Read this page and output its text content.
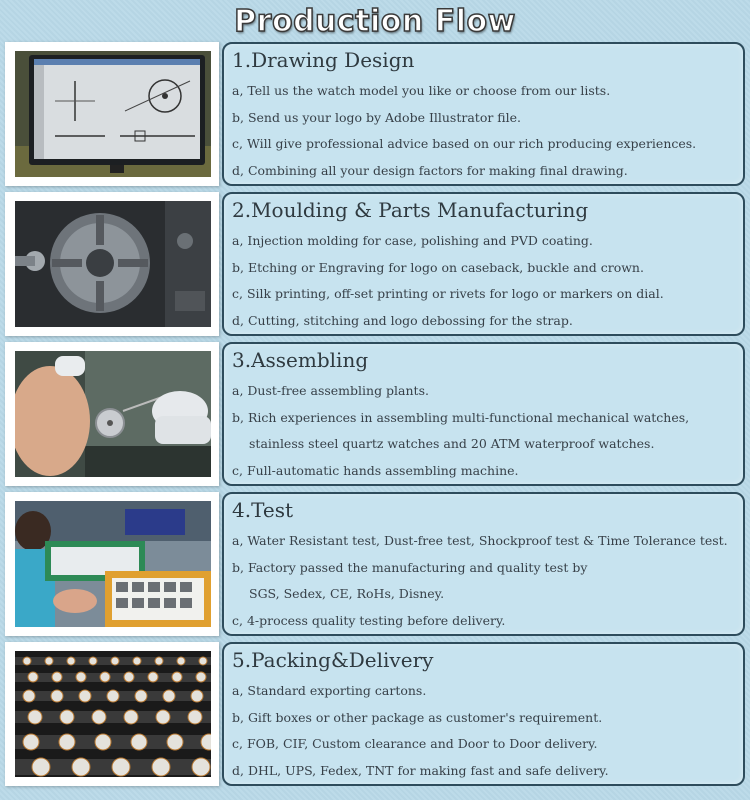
Production Flow
1.Drawing Design
a, Tell us the watch model you like or choose from our lists.
b, Send us your logo by Adobe Illustrator file.
c, Will give professional advice based on our rich producing experiences.
d, Combining all your design factors for making final drawing.
2.Moulding & Parts Manufacturing
a, Injection molding for case, polishing and PVD coating.
b, Etching or Engraving for logo on caseback, buckle and crown.
c, Silk printing, off-set printing or rivets for logo or markers on dial.
d, Cutting, stitching and logo debossing for the strap.
3.Assembling
a, Dust-free assembling plants.
b, Rich experiences in assembling multi-functional mechanical watches,
stainless steel quartz watches and 20 ATM waterproof watches.
c, Full-automatic hands assembling machine.
4.Test
a, Water Resistant test, Dust-free test, Shockproof test & Time Tolerance test.
b, Factory passed the manufacturing and quality test by
SGS, Sedex, CE, RoHs, Disney.
c, 4-process quality testing before delivery.
5.Packing&Delivery
a, Standard exporting cartons.
b, Gift boxes or other package as customer's requirement.
c, FOB, CIF, Custom clearance and Door to Door delivery.
d, DHL, UPS, Fedex, TNT for making fast and safe delivery.
